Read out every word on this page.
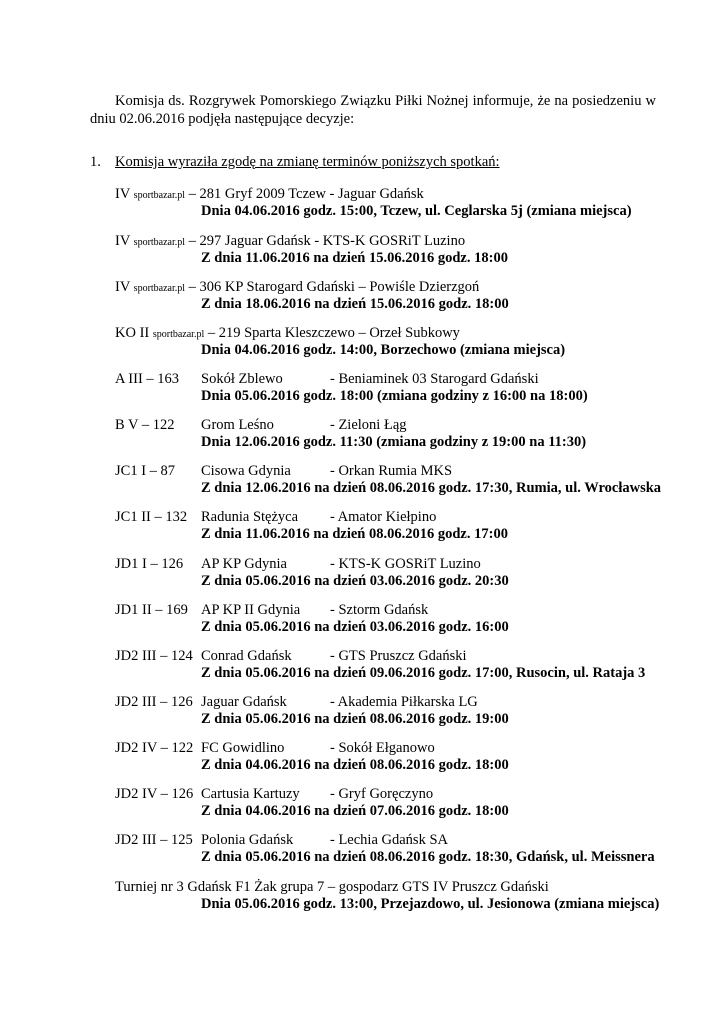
Komisja ds. Rozgrywek Pomorskiego Związku Piłki Nożnej informuje, że na posiedzeniu w dniu 02.06.2016 podjęła następujące decyzje:
1. Komisja wyraziła zgodę na zmianę terminów poniższych spotkań:
IV sportbazar.pl – 281 Gryf 2009 Tczew - Jaguar Gdańsk
Dnia 04.06.2016 godz. 15:00, Tczew, ul. Ceglarska 5j (zmiana miejsca)
IV sportbazar.pl – 297 Jaguar Gdańsk - KTS-K GOSRiT Luzino
Z dnia 11.06.2016 na dzień 15.06.2016 godz. 18:00
IV sportbazar.pl – 306 KP Starogard Gdański – Powiśle Dzierzgoń
Z dnia 18.06.2016 na dzień 15.06.2016 godz. 18:00
KO II sportbazar.pl – 219 Sparta Kleszczewo – Orzeł Subkowy
Dnia 04.06.2016 godz. 14:00, Borzechowo (zmiana miejsca)
A III – 163 Sokół Zblewo	- Beniaminek 03 Starogard Gdański
Dnia 05.06.2016 godz. 18:00 (zmiana godziny z 16:00 na 18:00)
B V – 122 Grom Leśno	- Zieloni Łąg
Dnia 12.06.2016 godz. 11:30 (zmiana godziny z 19:00 na 11:30)
JC1 I – 87 Cisowa Gdynia	- Orkan Rumia MKS
Z dnia 12.06.2016 na dzień 08.06.2016 godz. 17:30, Rumia, ul. Wrocławska
JC1 II – 132 Radunia Stężyca - Amator Kiełpino
Z dnia 11.06.2016 na dzień 08.06.2016 godz. 17:00
JD1 I – 126 AP KP Gdynia	- KTS-K GOSRiT Luzino
Z dnia 05.06.2016 na dzień 03.06.2016 godz. 20:30
JD1 II – 169 AP KP II Gdynia - Sztorm Gdańsk
Z dnia 05.06.2016 na dzień 03.06.2016 godz. 16:00
JD2 III – 124 Conrad Gdańsk	- GTS Pruszcz Gdański
Z dnia 05.06.2016 na dzień 09.06.2016 godz. 17:00, Rusocin, ul. Rataja 3
JD2 III – 126 Jaguar Gdańsk	- Akademia Piłkarska LG
Z dnia 05.06.2016 na dzień 08.06.2016 godz. 19:00
JD2 IV – 122 FC Gowidlino	- Sokół Ełganowo
Z dnia 04.06.2016 na dzień 08.06.2016 godz. 18:00
JD2 IV – 126 Cartusia Kartuzy - Gryf Goręczyno
Z dnia 04.06.2016 na dzień 07.06.2016 godz. 18:00
JD2 III – 125 Polonia Gdańsk	- Lechia Gdańsk SA
Z dnia 05.06.2016 na dzień 08.06.2016 godz. 18:30, Gdańsk, ul. Meissnera
Turniej nr 3 Gdańsk F1 Żak grupa 7 – gospodarz GTS IV Pruszcz Gdański
Dnia 05.06.2016 godz. 13:00, Przejazdowo, ul. Jesionowa (zmiana miejsca)
